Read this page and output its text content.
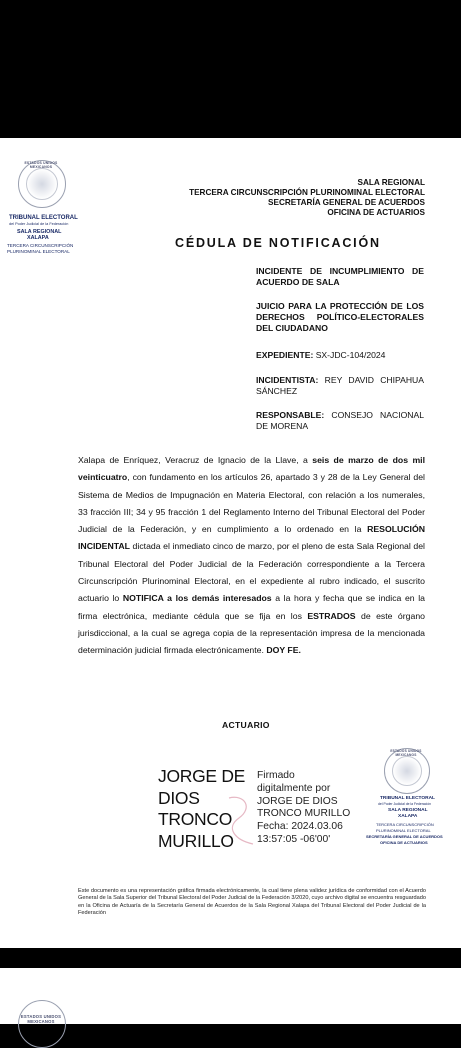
ESTADOS UNIDOS MEXICANOS
TRIBUNAL ELECTORAL
del Poder Judicial de la Federación
SALA REGIONAL
XALAPA
TERCERA CIRCUNSCRIPCIÓN
PLURINOMINAL ELECTORAL
SALA REGIONAL
TERCERA CIRCUNSCRIPCIÓN PLURINOMINAL ELECTORAL
SECRETARÍA GENERAL DE ACUERDOS
OFICINA DE ACTUARIOS
CÉDULA DE NOTIFICACIÓN
INCIDENTE DE INCUMPLIMIENTO DE ACUERDO DE SALA
JUICIO PARA LA PROTECCIÓN DE LOS DERECHOS POLÍTICO-ELECTORALES DEL CIUDADANO
EXPEDIENTE: SX-JDC-104/2024
INCIDENTISTA: REY DAVID CHIPAHUA SÁNCHEZ
RESPONSABLE: CONSEJO NACIONAL DE MORENA
Xalapa de Enríquez, Veracruz de Ignacio de la Llave, a seis de marzo de dos mil veinticuatro, con fundamento en los artículos 26, apartado 3 y 28 de la Ley General del Sistema de Medios de Impugnación en Materia Electoral, con relación a los numerales, 33 fracción III; 34 y 95 fracción 1 del Reglamento Interno del Tribunal Electoral del Poder Judicial de la Federación, y en cumplimiento a lo ordenado en la RESOLUCIÓN INCIDENTAL dictada el inmediato cinco de marzo, por el pleno de esta Sala Regional del Tribunal Electoral del Poder Judicial de la Federación correspondiente a la Tercera Circunscripción Plurinominal Electoral, en el expediente al rubro indicado, el suscrito actuario lo NOTIFICA a los demás interesados a la hora y fecha que se indica en la firma electrónica, mediante cédula que se fija en los ESTRADOS de este órgano jurisdiccional, a la cual se agrega copia de la representación impresa de la mencionada determinación judicial firmada electrónicamente. DOY FE.
ACTUARIO
JORGE DE
DIOS
TRONCO
MURILLO
Firmado
digitalmente por
JORGE DE DIOS
TRONCO MURILLO
Fecha: 2024.03.06
13:57:05 -06'00'
ESTADOS UNIDOS MEXICANOS
TRIBUNAL ELECTORAL
del Poder Judicial de la Federación
SALA REGIONAL
XALAPA
TERCERA CIRCUNSCRIPCIÓN
PLURINOMINAL ELECTORAL
SECRETARÍA GENERAL DE ACUERDOS
OFICINA DE ACTUARIOS
Este documento es una representación gráfica firmada electrónicamente, la cual tiene plena validez jurídica de conformidad con el Acuerdo General de la Sala Superior del Tribunal Electoral del Poder Judicial de la Federación 3/2020, cuyo archivo digital se encuentra resguardado en la Oficina de Actuaría de la Secretaría General de Acuerdos de la Sala Regional Xalapa del Tribunal Electoral del Poder Judicial de la Federación
ESTADOS UNIDOS MEXICANOS
